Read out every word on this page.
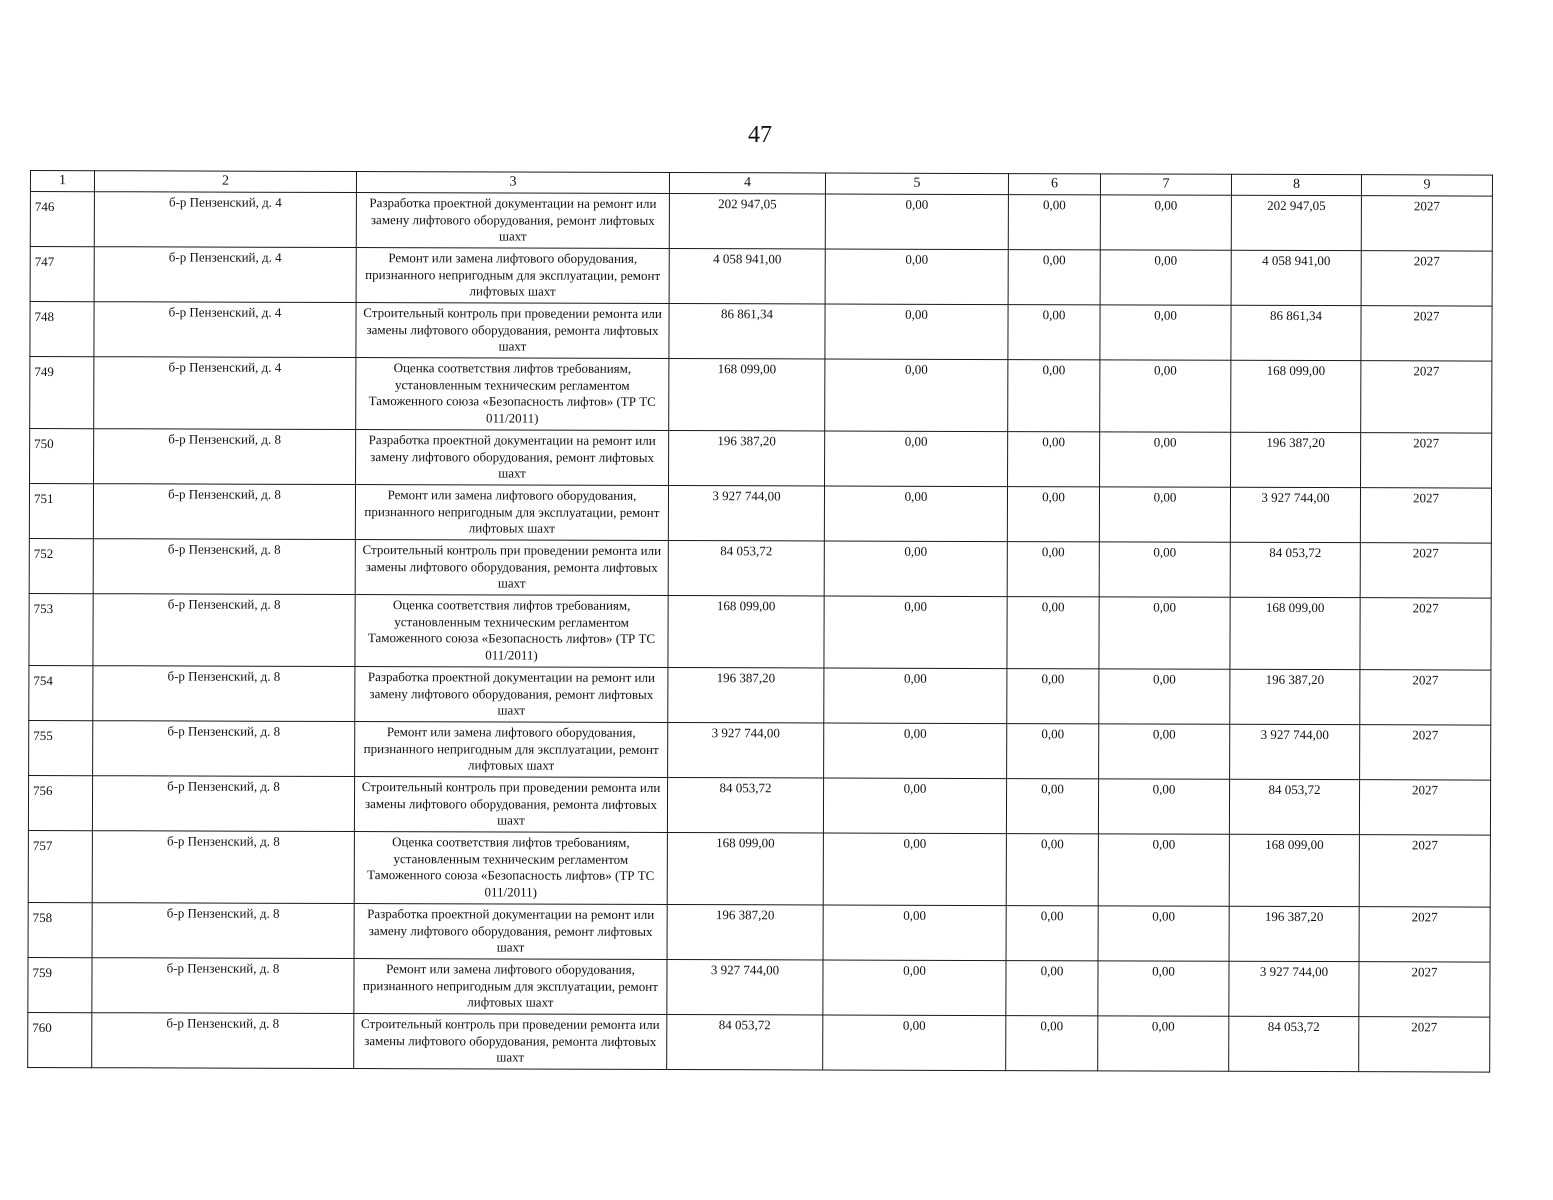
47
1	2	3	4	5	6	7	8	9
746	б-р Пензенский, д. 4	Разработка проектной документации на ремонт или замену лифтового оборудования, ремонт лифтовых шахт	202 947,05	0,00	0,00	0,00	202 947,05	2027
747	б-р Пензенский, д. 4	Ремонт или замена лифтового оборудования, признанного непригодным для эксплуатации, ремонт лифтовых шахт	4 058 941,00	0,00	0,00	0,00	4 058 941,00	2027
748	б-р Пензенский, д. 4	Строительный контроль при проведении ремонта или замены лифтового оборудования, ремонта лифтовых шахт	86 861,34	0,00	0,00	0,00	86 861,34	2027
749	б-р Пензенский, д. 4	Оценка соответствия лифтов требованиям, установленным техническим регламентом Таможенного союза «Безопасность лифтов» (ТР ТС 011/2011)	168 099,00	0,00	0,00	0,00	168 099,00	2027
750	б-р Пензенский, д. 8	Разработка проектной документации на ремонт или замену лифтового оборудования, ремонт лифтовых шахт	196 387,20	0,00	0,00	0,00	196 387,20	2027
751	б-р Пензенский, д. 8	Ремонт или замена лифтового оборудования, признанного непригодным для эксплуатации, ремонт лифтовых шахт	3 927 744,00	0,00	0,00	0,00	3 927 744,00	2027
752	б-р Пензенский, д. 8	Строительный контроль при проведении ремонта или замены лифтового оборудования, ремонта лифтовых шахт	84 053,72	0,00	0,00	0,00	84 053,72	2027
753	б-р Пензенский, д. 8	Оценка соответствия лифтов требованиям, установленным техническим регламентом Таможенного союза «Безопасность лифтов» (ТР ТС 011/2011)	168 099,00	0,00	0,00	0,00	168 099,00	2027
754	б-р Пензенский, д. 8	Разработка проектной документации на ремонт или замену лифтового оборудования, ремонт лифтовых шахт	196 387,20	0,00	0,00	0,00	196 387,20	2027
755	б-р Пензенский, д. 8	Ремонт или замена лифтового оборудования, признанного непригодным для эксплуатации, ремонт лифтовых шахт	3 927 744,00	0,00	0,00	0,00	3 927 744,00	2027
756	б-р Пензенский, д. 8	Строительный контроль при проведении ремонта или замены лифтового оборудования, ремонта лифтовых шахт	84 053,72	0,00	0,00	0,00	84 053,72	2027
757	б-р Пензенский, д. 8	Оценка соответствия лифтов требованиям, установленным техническим регламентом Таможенного союза «Безопасность лифтов» (ТР ТС 011/2011)	168 099,00	0,00	0,00	0,00	168 099,00	2027
758	б-р Пензенский, д. 8	Разработка проектной документации на ремонт или замену лифтового оборудования, ремонт лифтовых шахт	196 387,20	0,00	0,00	0,00	196 387,20	2027
759	б-р Пензенский, д. 8	Ремонт или замена лифтового оборудования, признанного непригодным для эксплуатации, ремонт лифтовых шахт	3 927 744,00	0,00	0,00	0,00	3 927 744,00	2027
760	б-р Пензенский, д. 8	Строительный контроль при проведении ремонта или замены лифтового оборудования, ремонта лифтовых шахт	84 053,72	0,00	0,00	0,00	84 053,72	2027
